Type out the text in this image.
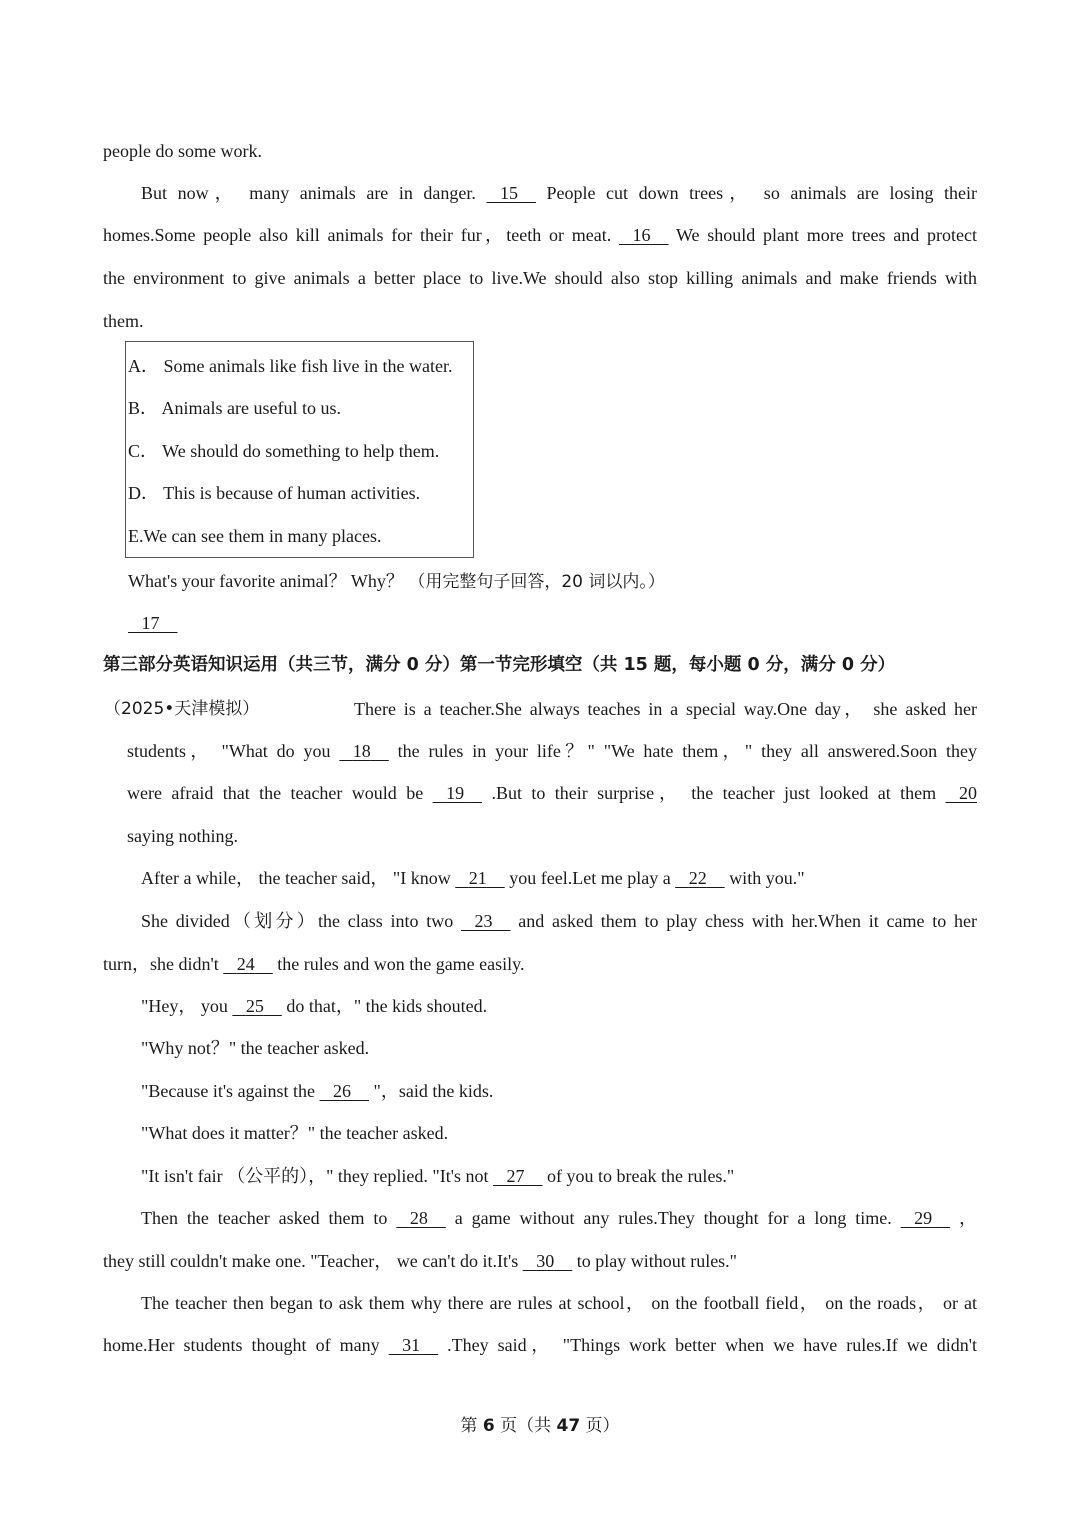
people do some work.
But now， many animals are in danger.    15     People cut down trees， so animals are losing their
homes.Some people also kill animals for their fur，teeth or meat.    16     We should plant more trees and protect
the environment to give animals a better place to live.We should also stop killing animals and make friends with
them.
A． Some animals like fish live in the water.
B． Animals are useful to us.
C． We should do something to help them.
D． This is because of human activities.
E.We can see them in many places.
What's your favorite animal？ Why？ （用完整句子回答，20 词以内。）
17
第三部分英语知识运用（共三节，满分 0 分）第一节完形填空（共 15 题，每小题 0 分，满分 0 分）
（2025•天津模拟）	There is a teacher.She always teaches in a special way.One day， she asked her
students， "What do you    18     the rules in your life？" "We hate them，" they all answered.Soon they
were afraid that the teacher would be    19     .But to their surprise， the teacher just looked at them    20
saying nothing.
After a while， the teacher said， "I know    21     you feel.Let me play a    22     with you."
She divided（划分）the class into two    23     and asked them to play chess with her.When it came to her
turn，she didn't    24     the rules and won the game easily.
"Hey， you    25     do that，" the kids shouted.
"Why not？" the teacher asked.
"Because it's against the    26     "，said the kids.
"What does it matter？" the teacher asked.
"It isn't fair （公平的），" they replied. "It's not    27     of you to break the rules."
Then the teacher asked them to    28     a game without any rules.They thought for a long time.    29     ，
they still couldn't make one. "Teacher， we can't do it.It's    30     to play without rules."
The teacher then began to ask them why there are rules at school， on the football field， on the roads， or at
home.Her students thought of many    31     .They said， "Things work better when we have rules.If we didn't
第 6 页（共 47 页）
